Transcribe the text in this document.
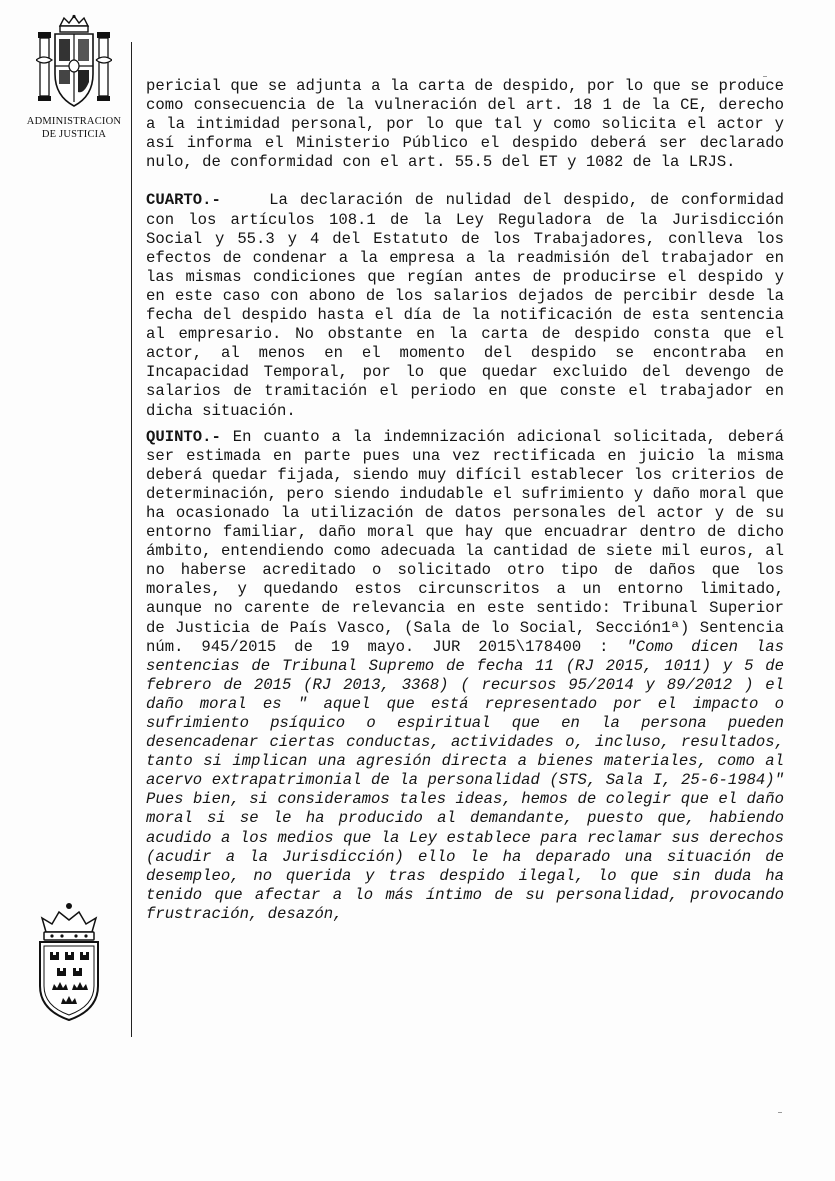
ADMINISTRACION
DE JUSTICIA

pericial que se adjunta a la carta de despido, por lo que se produce como consecuencia de la vulneración del art. 18 1 de la CE, derecho a la intimidad personal, por lo que tal y como solicita el actor y así informa el Ministerio Público el despido deberá ser declarado nulo, de conformidad con el art. 55.5 del ET y 1082 de la LRJS.

CUARTO.-	La declaración de nulidad del despido, de conformidad con los artículos 108.1 de la Ley Reguladora de la Jurisdicción Social y 55.3 y 4 del Estatuto de los Trabajadores, conlleva los efectos de condenar a la empresa a la readmisión del trabajador en las mismas condiciones que regían antes de producirse el despido y en este caso con abono de los salarios dejados de percibir desde la fecha del despido hasta el día de la notificación de esta sentencia al empresario. No obstante en la carta de despido consta que el actor, al menos en el momento del despido se encontraba en Incapacidad Temporal, por lo que quedar excluido del devengo de salarios de tramitación el periodo en que conste el trabajador en dicha situación.

QUINTO.- En cuanto a la indemnización adicional solicitada, deberá ser estimada en parte pues una vez rectificada en juicio la misma deberá quedar fijada, siendo muy difícil establecer los criterios de determinación, pero siendo indudable el sufrimiento y daño moral que ha ocasionado la utilización de datos personales del actor y de su entorno familiar, daño moral que hay que encuadrar dentro de dicho ámbito, entendiendo como adecuada la cantidad de siete mil euros, al no haberse acreditado o solicitado otro tipo de daños que los morales, y quedando estos circunscritos a un entorno limitado, aunque no carente de relevancia en este sentido: Tribunal Superior de Justicia de País Vasco, (Sala de lo Social, Sección1ª) Sentencia núm. 945/2015 de 19 mayo. JUR 2015\178400 : "Como dicen las sentencias de Tribunal Supremo de fecha 11 (RJ 2015, 1011) y 5 de febrero de 2015 (RJ 2013, 3368) ( recursos 95/2014 y 89/2012 ) el daño moral es " aquel que está representado por el impacto o sufrimiento psíquico o espiritual que en la persona pueden desencadenar ciertas conductas, actividades o, incluso, resultados, tanto si implican una agresión directa a bienes materiales, como al acervo extrapatrimonial de la personalidad (STS, Sala I, 25-6-1984)" Pues bien, si consideramos tales ideas, hemos de colegir que el daño moral si se le ha producido al demandante, puesto que, habiendo acudido a los medios que la Ley establece para reclamar sus derechos (acudir a la Jurisdicción) ello le ha deparado una situación de desempleo, no querida y tras despido ilegal, lo que sin duda ha tenido que afectar a lo más íntimo de su personalidad, provocando frustración, desazón,
